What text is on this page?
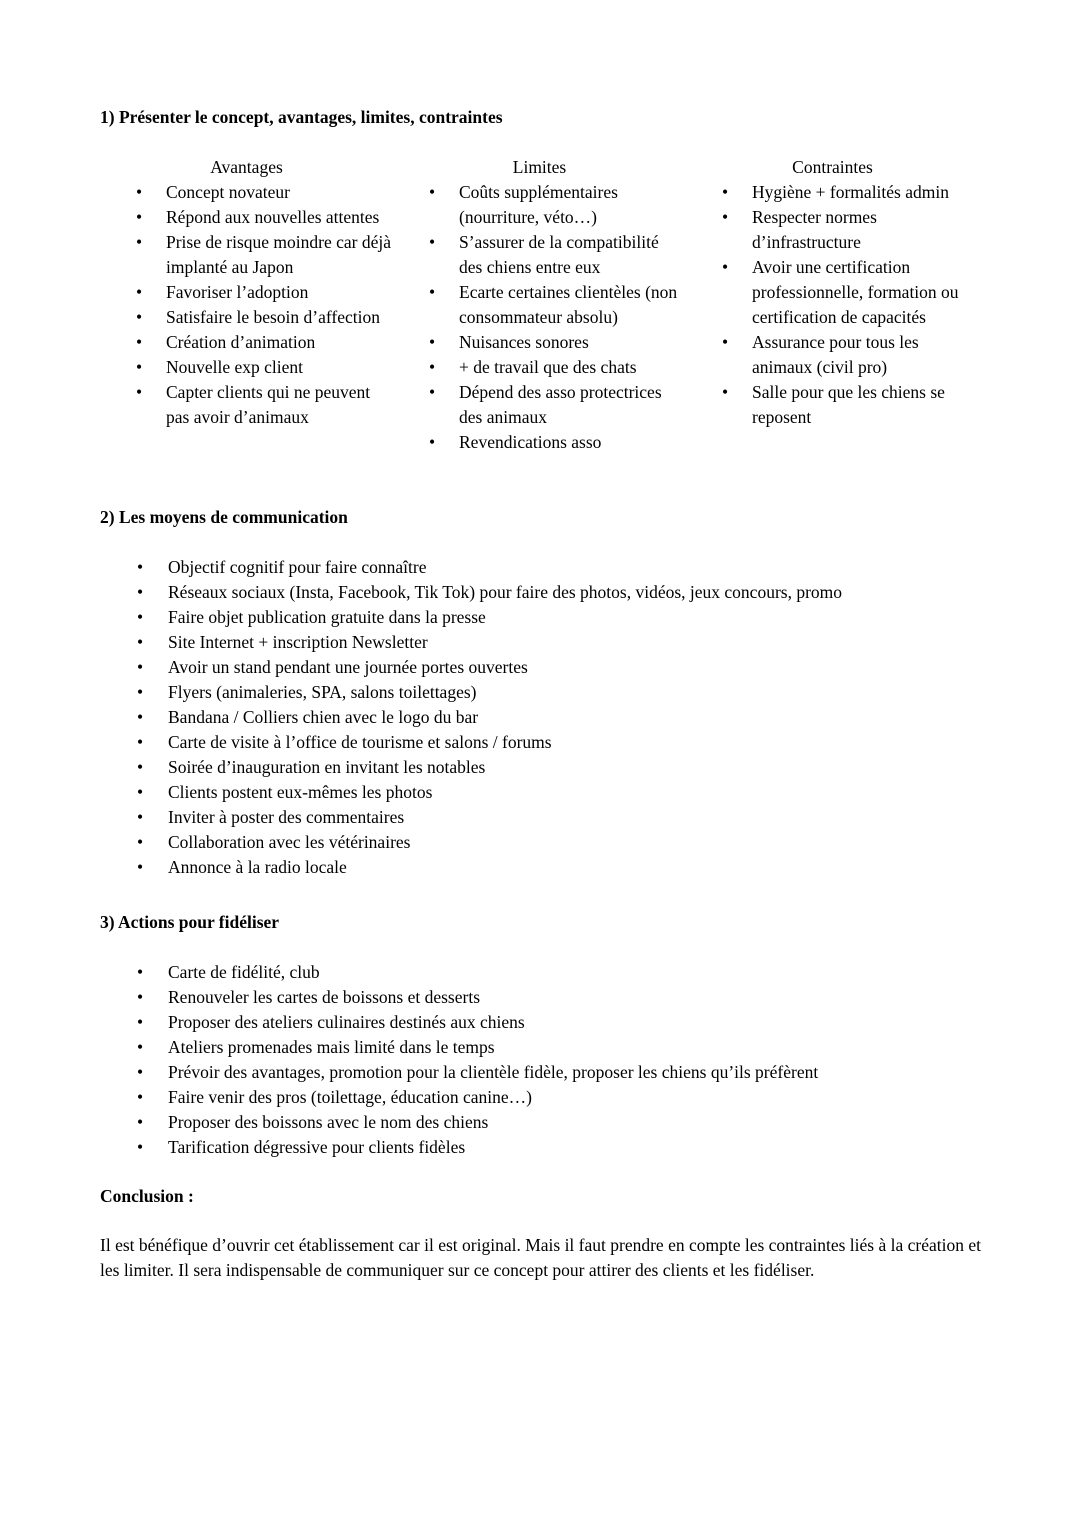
1) Présenter le concept, avantages, limites, contraintes

Avantages

•	Concept novateur
•	Répond aux nouvelles attentes
•	Prise de risque moindre car déjà implanté au Japon
•	Favoriser l’adoption
•	Satisfaire le besoin d’affection
•	Création d’animation
•	Nouvelle exp client
•	Capter clients qui ne peuvent pas avoir d’animaux

Limites

•	Coûts supplémentaires (nourriture, véto…)
•	S’assurer de la compatibilité des chiens entre eux
•	Ecarte certaines clientèles (non consommateur absolu)
•	Nuisances sonores
•	+ de travail que des chats
•	Dépend des asso protectrices des animaux
•	Revendications asso

Contraintes

•	Hygiène + formalités admin
•	Respecter normes d’infrastructure
•	Avoir une certification professionnelle, formation ou certification de capacités
•	Assurance pour tous les animaux (civil pro)
•	Salle pour que les chiens se reposent

2) Les moyens de communication

•	Objectif cognitif pour faire connaître
•	Réseaux sociaux (Insta, Facebook, Tik Tok) pour faire des photos, vidéos, jeux concours, promo
•	Faire objet publication gratuite dans la presse
•	Site Internet + inscription Newsletter
•	Avoir un stand pendant une journée portes ouvertes
•	Flyers (animaleries, SPA, salons toilettages)
•	Bandana / Colliers chien avec le logo du bar
•	Carte de visite à l’office de tourisme et salons / forums
•	Soirée d’inauguration en invitant les notables
•	Clients postent eux-mêmes les photos
•	Inviter à poster des commentaires
•	Collaboration avec les vétérinaires
•	Annonce à la radio locale

3) Actions pour fidéliser

•	Carte de fidélité, club
•	Renouveler les cartes de boissons et desserts
•	Proposer des ateliers culinaires destinés aux chiens
•	Ateliers promenades mais limité dans le temps
•	Prévoir des avantages, promotion pour la clientèle fidèle, proposer les chiens qu’ils préfèrent
•	Faire venir des pros (toilettage, éducation canine…)
•	Proposer des boissons avec le nom des chiens
•	Tarification dégressive pour clients fidèles

Conclusion :

Il est bénéfique d’ouvrir cet établissement car il est original. Mais il faut prendre en compte les contraintes liés à la création et les limiter. Il sera indispensable de communiquer sur ce concept pour attirer des clients et les fidéliser.
